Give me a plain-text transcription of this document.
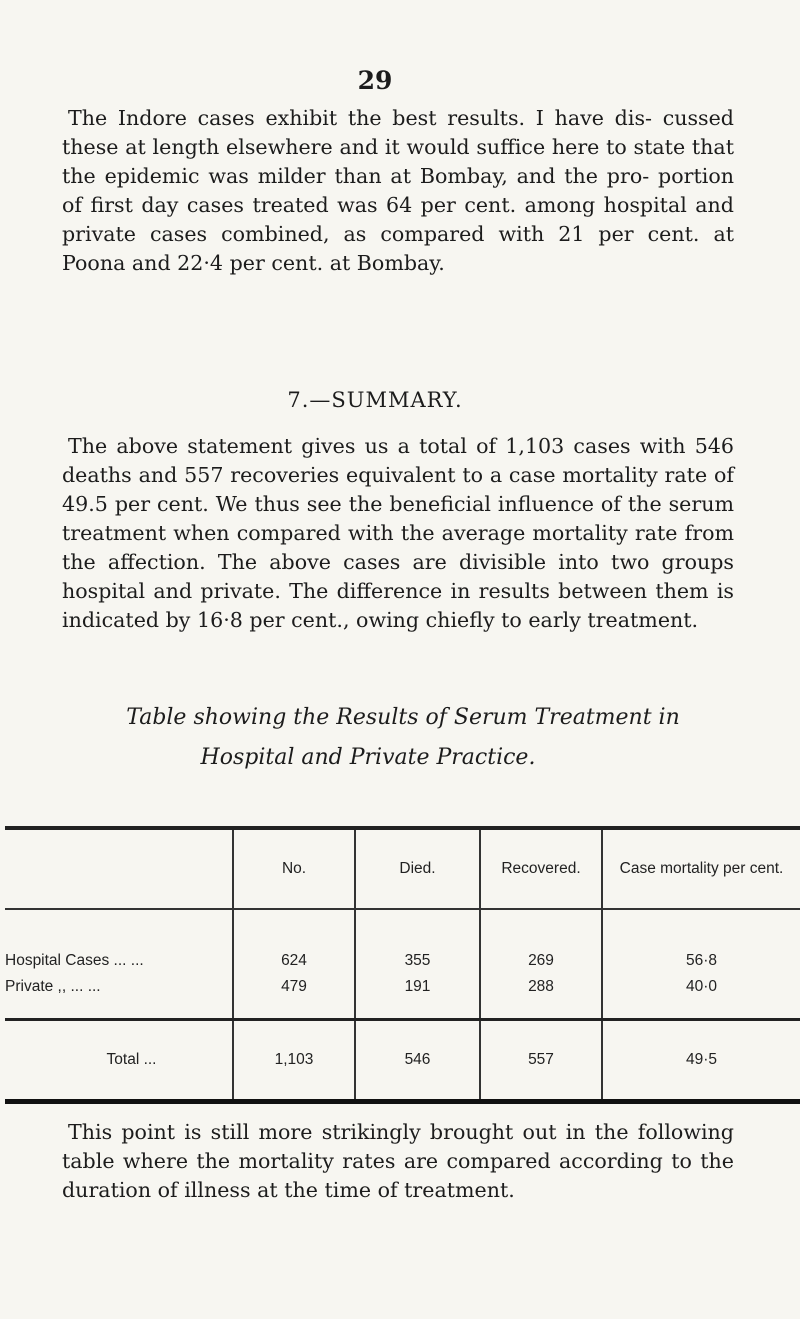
29

The Indore cases exhibit the best results. I have dis- cussed these at length elsewhere and it would suffice here to state that the epidemic was milder than at Bombay, and the pro- portion of first day cases treated was 64 per cent. among hospital and private cases combined, as compared with 21 per cent. at Poona and 22·4 per cent. at Bombay.

7.—SUMMARY.

The above statement gives us a total of 1,103 cases with 546 deaths and 557 recoveries equivalent to a case mortality rate of 49.5 per cent. We thus see the beneficial influence of the serum treatment when compared with the average mortality rate from the affection. The above cases are divisible into two groups hospital and private. The difference in results between them is indicated by 16·8 per cent., owing chiefly to early treatment.

Table showing the Results of Serum Treatment in
Hospital and Private Practice.
	No.	Died.	Recovered.	Case mortality per cent.
Hospital Cases ... ...	624	355	269	56·8
Private ,, ... ...	479	191	288	40·0
Total ...	1,103	546	557	49·5

This point is still more strikingly brought out in the following table where the mortality rates are compared according to the duration of illness at the time of treatment.
